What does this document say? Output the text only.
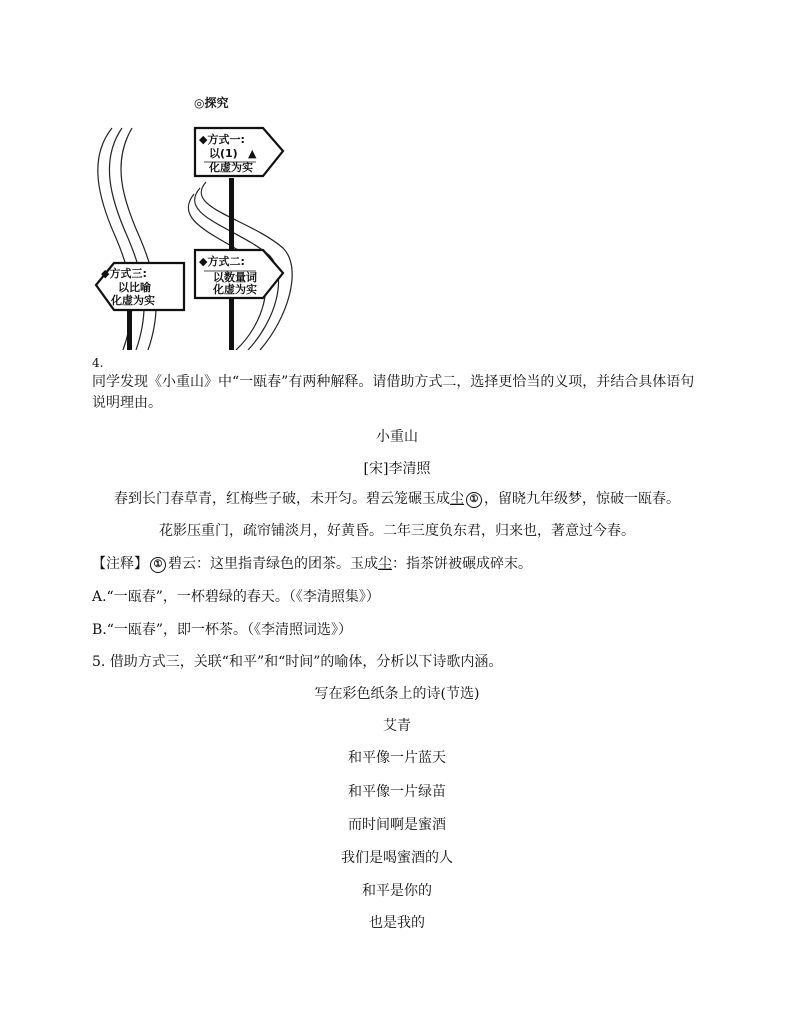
◆方式一:
以(1) ▲
化虚为实
◆方式二:
以数量词
化虚为实
◆方式三:
以比喻
化虚为实
◎探究
4.
同学发现《小重山》中“一瓯春”有两种解释。请借助方式二，选择更恰当的义项，并结合具体语句说明理由。
小重山
[宋]李清照
春到长门春草青，红梅些子破，未开匀。碧云笼碾玉成尘 ① ，留晓九年级梦，惊破一瓯春。
花影压重门，疏帘铺淡月，好黄昏。二年三度负东君，归来也，著意过今春。
【注释】 ① 碧云：这里指青绿色的团茶。玉成尘：指茶饼被碾成碎末。
A.“一瓯春”，一杯碧绿的春天。（《李清照集》）
B.“一瓯春”，即一杯茶。（《李清照词选》）
5. 借助方式三，关联“和平”和“时间”的喻体，分析以下诗歌内涵。
写在彩色纸条上的诗(节选)
艾青
和平像一片蓝天
和平像一片绿苗
而时间啊是蜜酒
我们是喝蜜酒的人
和平是你的
也是我的
